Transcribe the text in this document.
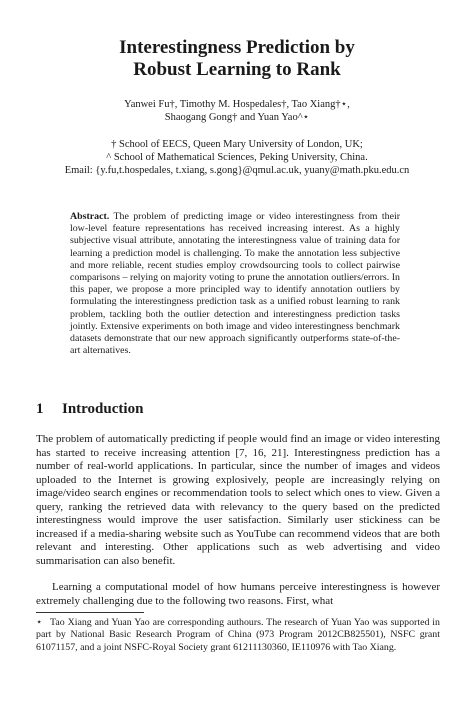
Interestingness Prediction by
Robust Learning to Rank
Yanwei Fu†, Timothy M. Hospedales†, Tao Xiang†⋆,
Shaogang Gong† and Yuan Yao^⋆
† School of EECS, Queen Mary University of London, UK;
^ School of Mathematical Sciences, Peking University, China.
Email: {y.fu,t.hospedales, t.xiang, s.gong}@qmul.ac.uk, yuany@math.pku.edu.cn
Abstract. The problem of predicting image or video interestingness from their low-level feature representations has received increasing interest. As a highly subjective visual attribute, annotating the interestingness value of training data for learning a prediction model is challenging. To make the annotation less subjective and more reliable, recent studies employ crowdsourcing tools to collect pairwise comparisons – relying on majority voting to prune the annotation outliers/errors. In this paper, we propose a more principled way to identify annotation outliers by formulating the interestingness prediction task as a unified robust learning to rank problem, tackling both the outlier detection and interestingness prediction tasks jointly. Extensive experiments on both image and video interestingness benchmark datasets demonstrate that our new approach significantly outperforms state-of-the-art alternatives.
1 Introduction
The problem of automatically predicting if people would find an image or video interesting has started to receive increasing attention [7, 16, 21]. Interestingness prediction has a number of real-world applications. In particular, since the number of images and videos uploaded to the Internet is growing explosively, people are increasingly relying on image/video search engines or recommendation tools to select which ones to view. Given a query, ranking the retrieved data with relevancy to the query based on the predicted interestingness would improve the user satisfaction. Similarly user stickiness can be increased if a media-sharing website such as YouTube can recommend videos that are both relevant and interesting. Other applications such as web advertising and video summarisation can also benefit.
Learning a computational model of how humans perceive interestingness is however extremely challenging due to the following two reasons. First, what
⋆ Tao Xiang and Yuan Yao are corresponding authours. The research of Yuan Yao was supported in part by National Basic Research Program of China (973 Program 2012CB825501), NSFC grant 61071157, and a joint NSFC-Royal Society grant 61211130360, IE110976 with Tao Xiang.
